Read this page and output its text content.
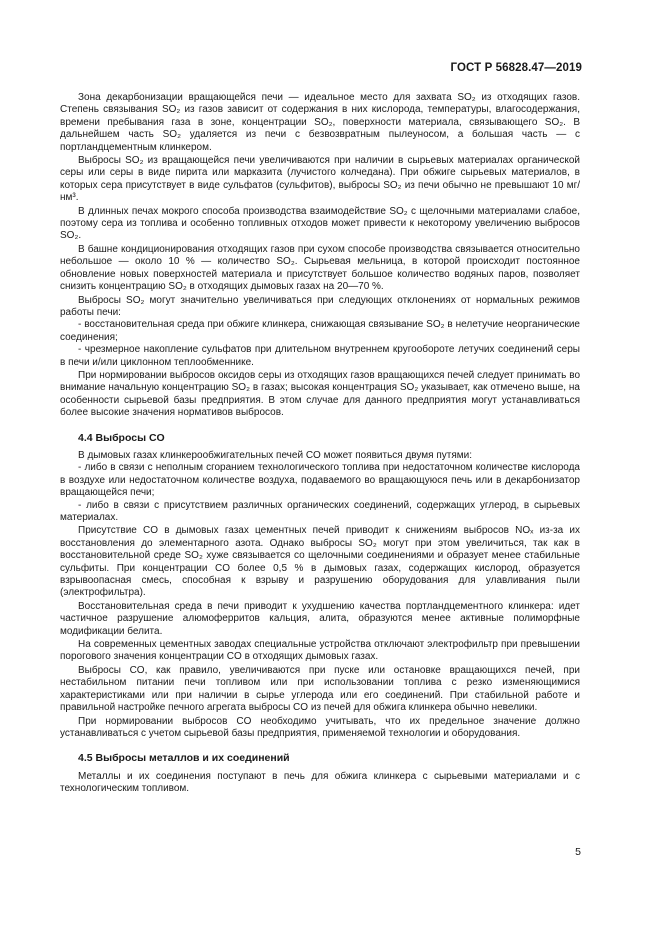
ГОСТ Р 56828.47—2019

Зона декарбонизации вращающейся печи — идеальное место для захвата SO₂ из отходящих газов. Степень связывания SO₂ из газов зависит от содержания в них кислорода, температуры, влагосодержания, времени пребывания газа в зоне, концентрации SO₂, поверхности материала, связывающего SO₂. В дальнейшем часть SO₂ удаляется из печи с безвозвратным пылеуносом, а большая часть — с портландцементным клинкером.

Выбросы SO₂ из вращающейся печи увеличиваются при наличии в сырьевых материалах органической серы или серы в виде пирита или марказита (лучистого колчедана). При обжиге сырьевых материалов, в которых сера присутствует в виде сульфатов (сульфитов), выбросы SO₂ из печи обычно не превышают 10 мг/нм³.

В длинных печах мокрого способа производства взаимодействие SO₂ с щелочными материалами слабое, поэтому сера из топлива и особенно топливных отходов может привести к некоторому увеличению выбросов SO₂.

В башне кондиционирования отходящих газов при сухом способе производства связывается относительно небольшое — около 10 % — количество SO₂. Сырьевая мельница, в которой происходит постоянное обновление новых поверхностей материала и присутствует большое количество водяных паров, позволяет снизить концентрацию SO₂ в отходящих дымовых газах на 20—70 %.

Выбросы SO₂ могут значительно увеличиваться при следующих отклонениях от нормальных режимов работы печи:

- восстановительная среда при обжиге клинкера, снижающая связывание SO₂ в нелетучие неорганические соединения;

- чрезмерное накопление сульфатов при длительном внутреннем кругообороте летучих соединений серы в печи и/или циклонном теплообменнике.

При нормировании выбросов оксидов серы из отходящих газов вращающихся печей следует принимать во внимание начальную концентрацию SO₂ в газах; высокая концентрация SO₂ указывает, как отмечено выше, на особенности сырьевой базы предприятия. В этом случае для данного предприятия могут устанавливаться более высокие значения нормативов выбросов.

4.4 Выбросы CO

В дымовых газах клинкерообжигательных печей CO может появиться двумя путями:

- либо в связи с неполным сгоранием технологического топлива при недостаточном количестве кислорода в воздухе или недостаточном количестве воздуха, подаваемого во вращающуюся печь или в декарбонизатор вращающейся печи;

- либо в связи с присутствием различных органических соединений, содержащих углерод, в сырьевых материалах.

Присутствие CO в дымовых газах цементных печей приводит к снижениям выбросов NOₓ из-за их восстановления до элементарного азота. Однако выбросы SO₂ могут при этом увеличиться, так как в восстановительной среде SO₂ хуже связывается со щелочными соединениями и образует менее стабильные сульфиты. При концентрации CO более 0,5 % в дымовых газах, содержащих кислород, образуется взрывоопасная смесь, способная к взрыву и разрушению оборудования для улавливания пыли (электрофильтра).

Восстановительная среда в печи приводит к ухудшению качества портландцементного клинкера: идет частичное разрушение алюмоферритов кальция, алита, образуются менее активные полиморфные модификации белита.

На современных цементных заводах специальные устройства отключают электрофильтр при превышении порогового значения концентрации CO в отходящих дымовых газах.

Выбросы CO, как правило, увеличиваются при пуске или остановке вращающихся печей, при нестабильном питании печи топливом или при использовании топлива с резко изменяющимися характеристиками или при наличии в сырье углерода или его соединений. При стабильной работе и правильной настройке печного агрегата выбросы CO из печей для обжига клинкера обычно невелики.

При нормировании выбросов CO необходимо учитывать, что их предельное значение должно устанавливаться с учетом сырьевой базы предприятия, применяемой технологии и оборудования.

4.5 Выбросы металлов и их соединений

Металлы и их соединения поступают в печь для обжига клинкера с сырьевыми материалами и с технологическим топливом.

5
